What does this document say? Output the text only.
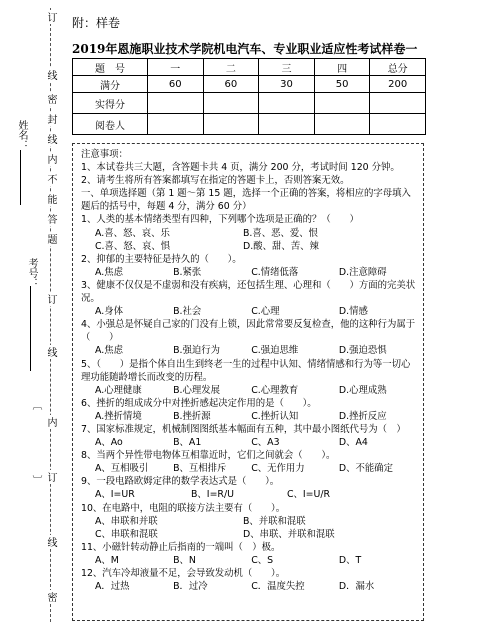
订
线
密
封
线
内
不
能
答
题
订
线
内
订
线
密
姓名：
考号：
〔
〕
附：样卷
2019年恩施职业技术学院机电汽车、专业职业适应性考试样卷一
题　号	一	二	三	四	总分
满分	60	60	30	50	200
实得分					
阅卷人					
注意事项：
1、本试卷共三大题，含答题卡共 4 页，满分 200 分，考试时间 120 分钟。
2、请考生将所有答案都填写在指定的答题卡上，否则答案无效。
一、单项选择题（第 1 题～第 15 题，选择一个正确的答案，将相应的字母填入题后的括号中，每题 4 分，满分 60 分）
1、人类的基本情绪类型有四种，下列哪个选项是正确的？（　　）
A.喜、怒、哀、乐	B.喜、恶、爱、恨
C.喜、怒、哀、惧	D.酸、甜、苦、辣
2、抑郁的主要特征是持久的（　　）。
A.焦虑	B.紧张	C.情绪低落	D.注意障碍
3、健康不仅仅是不虚弱和没有疾病，还包括生理、心理和（　　）方面的完美状况。
A.身体	B.社会	C.心理	D.情感
4、小强总是怀疑自己家的门没有上锁，因此常常要反复检查，他的这种行为属于（　　）
A.焦虑	B.强迫行为	C.强迫思维	D.强迫恐惧
5、（　　）是指个体自出生到终老一生的过程中认知、情绪情感和行为等一切心理功能随龄增长而改变的历程。
A.心理健康	B.心理发展	C.心理教育	D.心理成熟
6、挫折的组成成分中对挫折感起决定作用的是（　　）。
A.挫折情境	B.挫折源	C.挫折认知	D.挫折反应
7、国家标准规定，机械制图图纸基本幅面有五种，其中最小图纸代号为（　）
A、Ao	B、A1	C、A3	D、A4
8、当两个异性带电物体互相靠近时，它们之间就会（　　）。
A、互相吸引	B、互相排斥	C、无作用力	D、不能确定
9、一段电路欧姆定律的数学表达式是（　　）。
A、I=UR	B、I=R/U	C、I=U/R
10、在电路中，电阻的联接方法主要有（　　）。
A、串联和并联	B、并联和混联
C、串联和混联	D、串联、并联和混联
11、小磁针转动静止后指南的一端叫（　）极。
A、M	B、N	C、S	D、T
12、汽车冷却液量不足，会导致发动机（　　）。
A．过热	B．过冷	C．温度失控	D．漏水
